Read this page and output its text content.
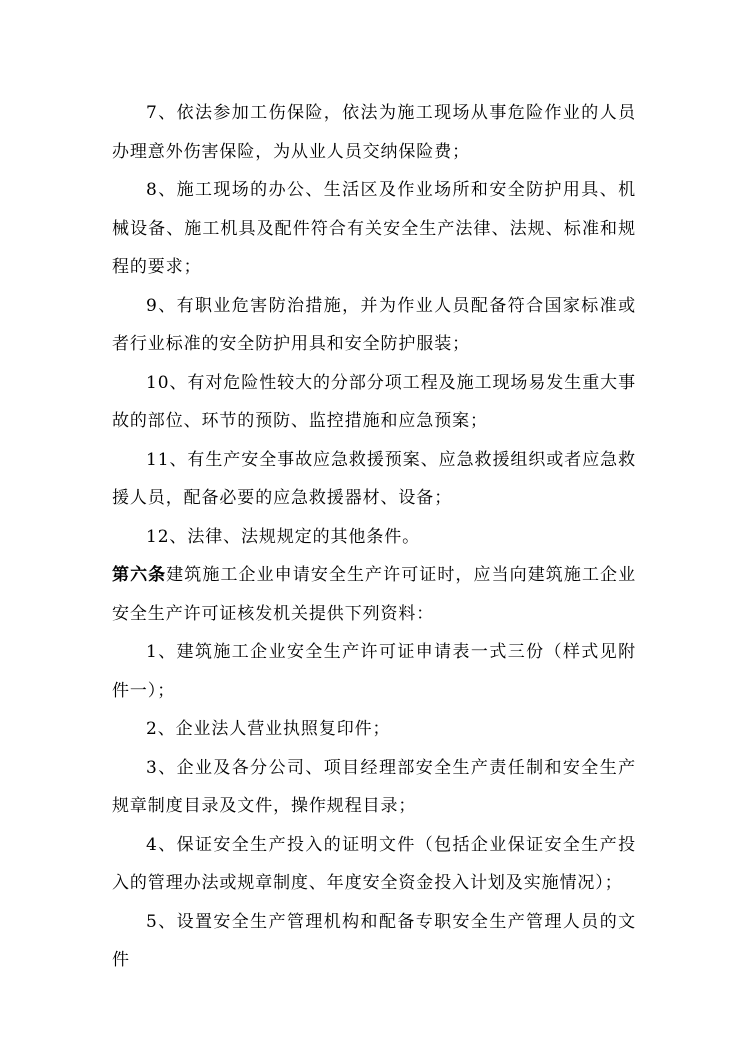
7、依法参加工伤保险，依法为施工现场从事危险作业的人员办理意外伤害保险，为从业人员交纳保险费；

8、施工现场的办公、生活区及作业场所和安全防护用具、机械设备、施工机具及配件符合有关安全生产法律、法规、标准和规程的要求；

9、有职业危害防治措施，并为作业人员配备符合国家标准或者行业标准的安全防护用具和安全防护服装；

10、有对危险性较大的分部分项工程及施工现场易发生重大事故的部位、环节的预防、监控措施和应急预案；

11、有生产安全事故应急救援预案、应急救援组织或者应急救援人员，配备必要的应急救援器材、设备；

12、法律、法规规定的其他条件。

第六条建筑施工企业申请安全生产许可证时，应当向建筑施工企业安全生产许可证核发机关提供下列资料：

1、建筑施工企业安全生产许可证申请表一式三份（样式见附件一）；

2、企业法人营业执照复印件；

3、企业及各分公司、项目经理部安全生产责任制和安全生产规章制度目录及文件，操作规程目录；

4、保证安全生产投入的证明文件（包括企业保证安全生产投入的管理办法或规章制度、年度安全资金投入计划及实施情况）；

5、设置安全生产管理机构和配备专职安全生产管理人员的文件
